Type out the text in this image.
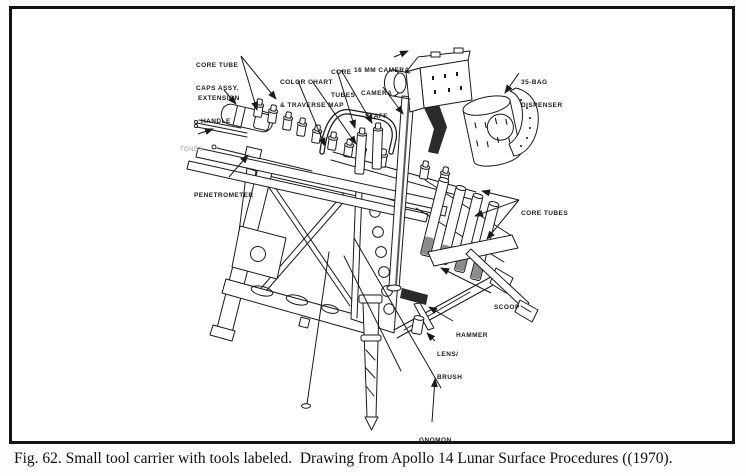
CORE TUBE

CAPS ASSY.

COLOR CHART

& TRAVERSE MAP

CORE

TUBES

16 MM CAMERA

CAMERA

STAFF

35-BAG

DISPENSER

EXTENSION

HANDLE

TONGS

PENETROMETER

CORE TUBES

SCOOP

HAMMER

LENS/

BRUSH

GNOMON

Fig. 62. Small tool carrier with tools labeled.  Drawing from Apollo 14 Lunar Surface Procedures ((1970).
